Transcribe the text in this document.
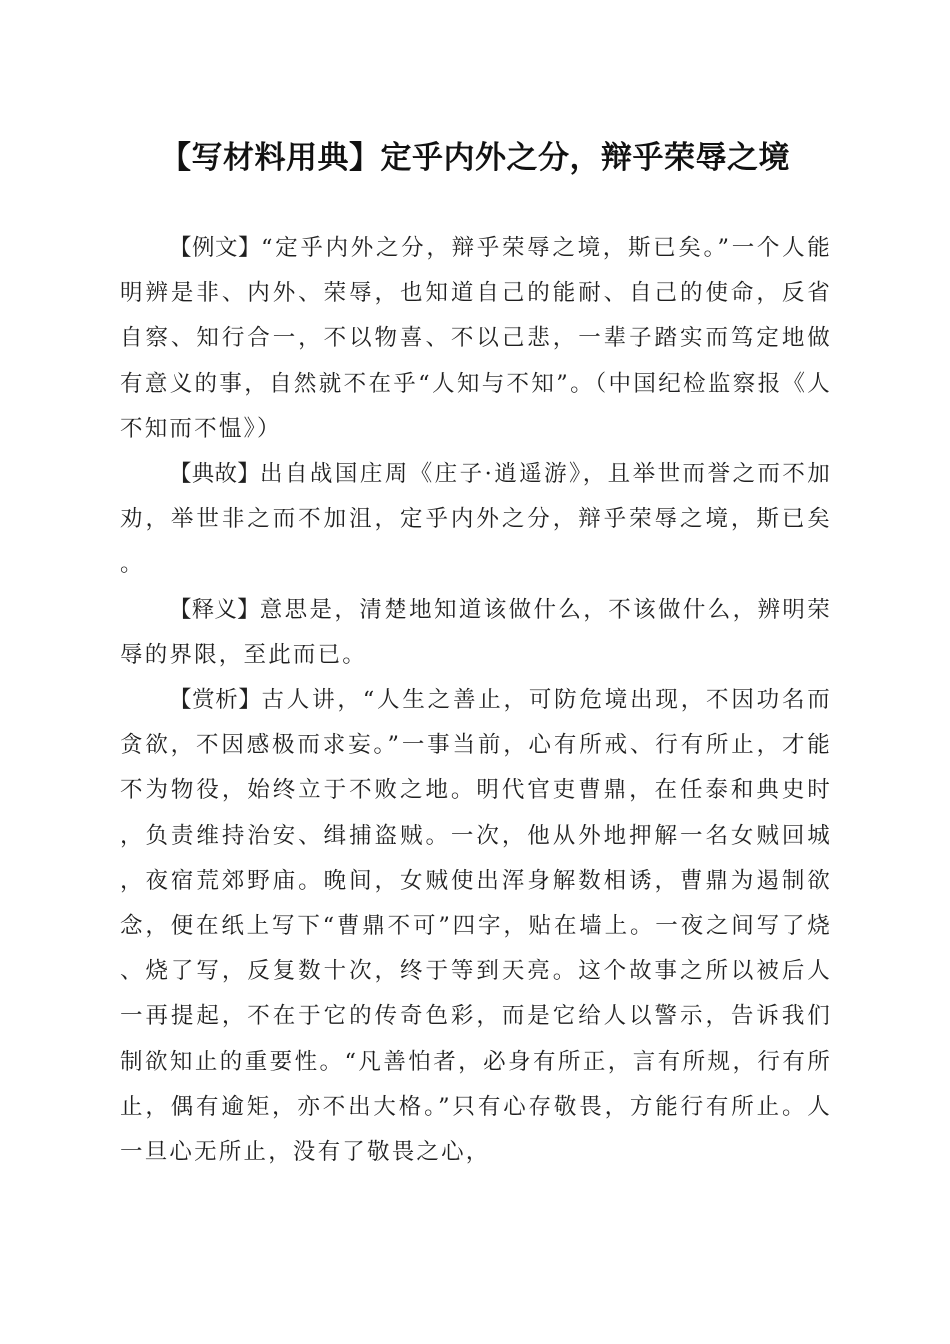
【写材料用典】定乎内外之分，辩乎荣辱之境

【例文】“定乎内外之分，辩乎荣辱之境，斯已矣。”一个人能明辨是非、内外、荣辱，也知道自己的能耐、自己的使命，反省自察、知行合一，不以物喜、不以己悲，一辈子踏实而笃定地做有意义的事，自然就不在乎“人知与不知”。（中国纪检监察报《人不知而不愠》）

【典故】出自战国庄周《庄子·逍遥游》，且举世而誉之而不加劝，举世非之而不加沮，定乎内外之分，辩乎荣辱之境，斯已矣。

【释义】意思是，清楚地知道该做什么，不该做什么，辨明荣辱的界限，至此而已。

【赏析】古人讲，“人生之善止，可防危境出现，不因功名而贪欲，不因感极而求妄。”一事当前，心有所戒、行有所止，才能不为物役，始终立于不败之地。明代官吏曹鼎，在任泰和典史时，负责维持治安、缉捕盗贼。一次，他从外地押解一名女贼回城，夜宿荒郊野庙。晚间，女贼使出浑身解数相诱，曹鼎为遏制欲念，便在纸上写下“曹鼎不可”四字，贴在墙上。一夜之间写了烧、烧了写，反复数十次，终于等到天亮。这个故事之所以被后人一再提起，不在于它的传奇色彩，而是它给人以警示，告诉我们制欲知止的重要性。“凡善怕者，必身有所正，言有所规，行有所止，偶有逾矩，亦不出大格。”只有心存敬畏，方能行有所止。人一旦心无所止，没有了敬畏之心，
